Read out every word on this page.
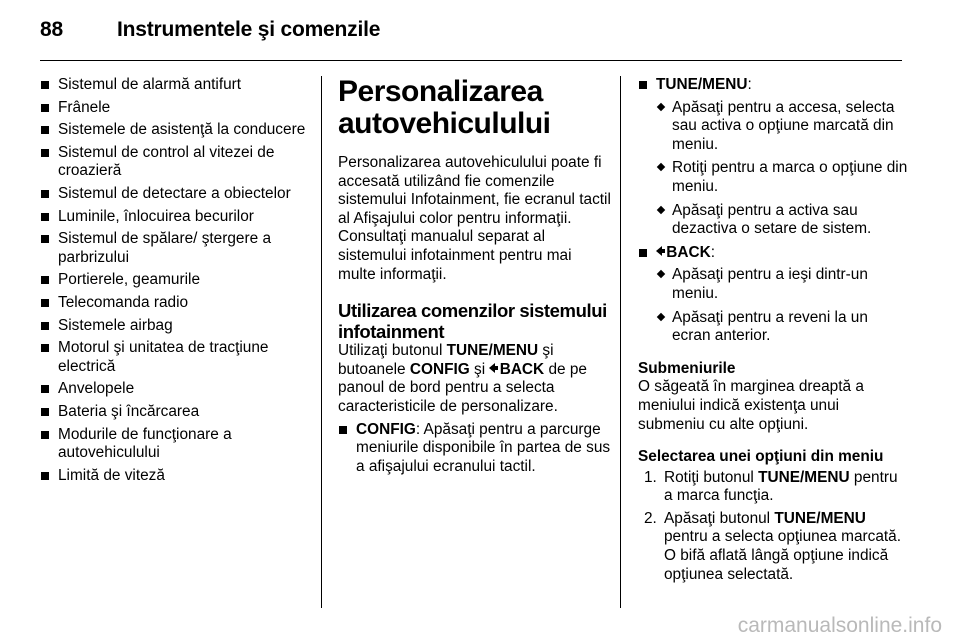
88	Instrumentele şi comenzile
Sistemul de alarmă antifurt
Frânele
Sistemele de asistenţă la conducere
Sistemul de control al vitezei de croazieră
Sistemul de detectare a obiectelor
Luminile, înlocuirea becurilor
Sistemul de spălare/ ştergere a parbrizului
Portierele, geamurile
Telecomanda radio
Sistemele airbag
Motorul şi unitatea de tracţiune electrică
Anvelopele
Bateria şi încărcarea
Modurile de funcţionare a autovehiculului
Limită de viteză
Personalizarea autovehiculului

Personalizarea autovehiculului poate fi accesată utilizând fie comenzile sistemului Infotainment, fie ecranul tactil al Afişajului color pentru informaţii. Consultaţi manualul separat al sistemului infotainment pentru mai multe informaţii.

Utilizarea comenzilor sistemului infotainment

Utilizaţi butonul TUNE/MENU şi butoanele CONFIG şi  BACK de pe panoul de bord pentru a selecta caracteristicile de personalizare.

CONFIG: Apăsaţi pentru a parcurge meniurile disponibile în partea de sus a afişajului ecranului tactil.
TUNE/MENU:
Apăsaţi pentru a accesa, selecta sau activa o opţiune marcată din meniu.
Rotiţi pentru a marca o opţiune din meniu.
Apăsaţi pentru a activa sau dezactiva o setare de sistem.
BACK:
Apăsaţi pentru a ieşi dintr-un meniu.
Apăsaţi pentru a reveni la un ecran anterior.
Submeniurile

O săgeată în marginea dreaptă a meniului indică existenţa unui submeniu cu alte opţiuni.

Selectarea unei opţiuni din meniu
1. Rotiţi butonul TUNE/MENU pentru a marca funcţia.
2. Apăsaţi butonul TUNE/MENU pentru a selecta opţiunea marcată. O bifă aflată lângă opţiune indică opţiunea selectată.
carmanualsonline.info
